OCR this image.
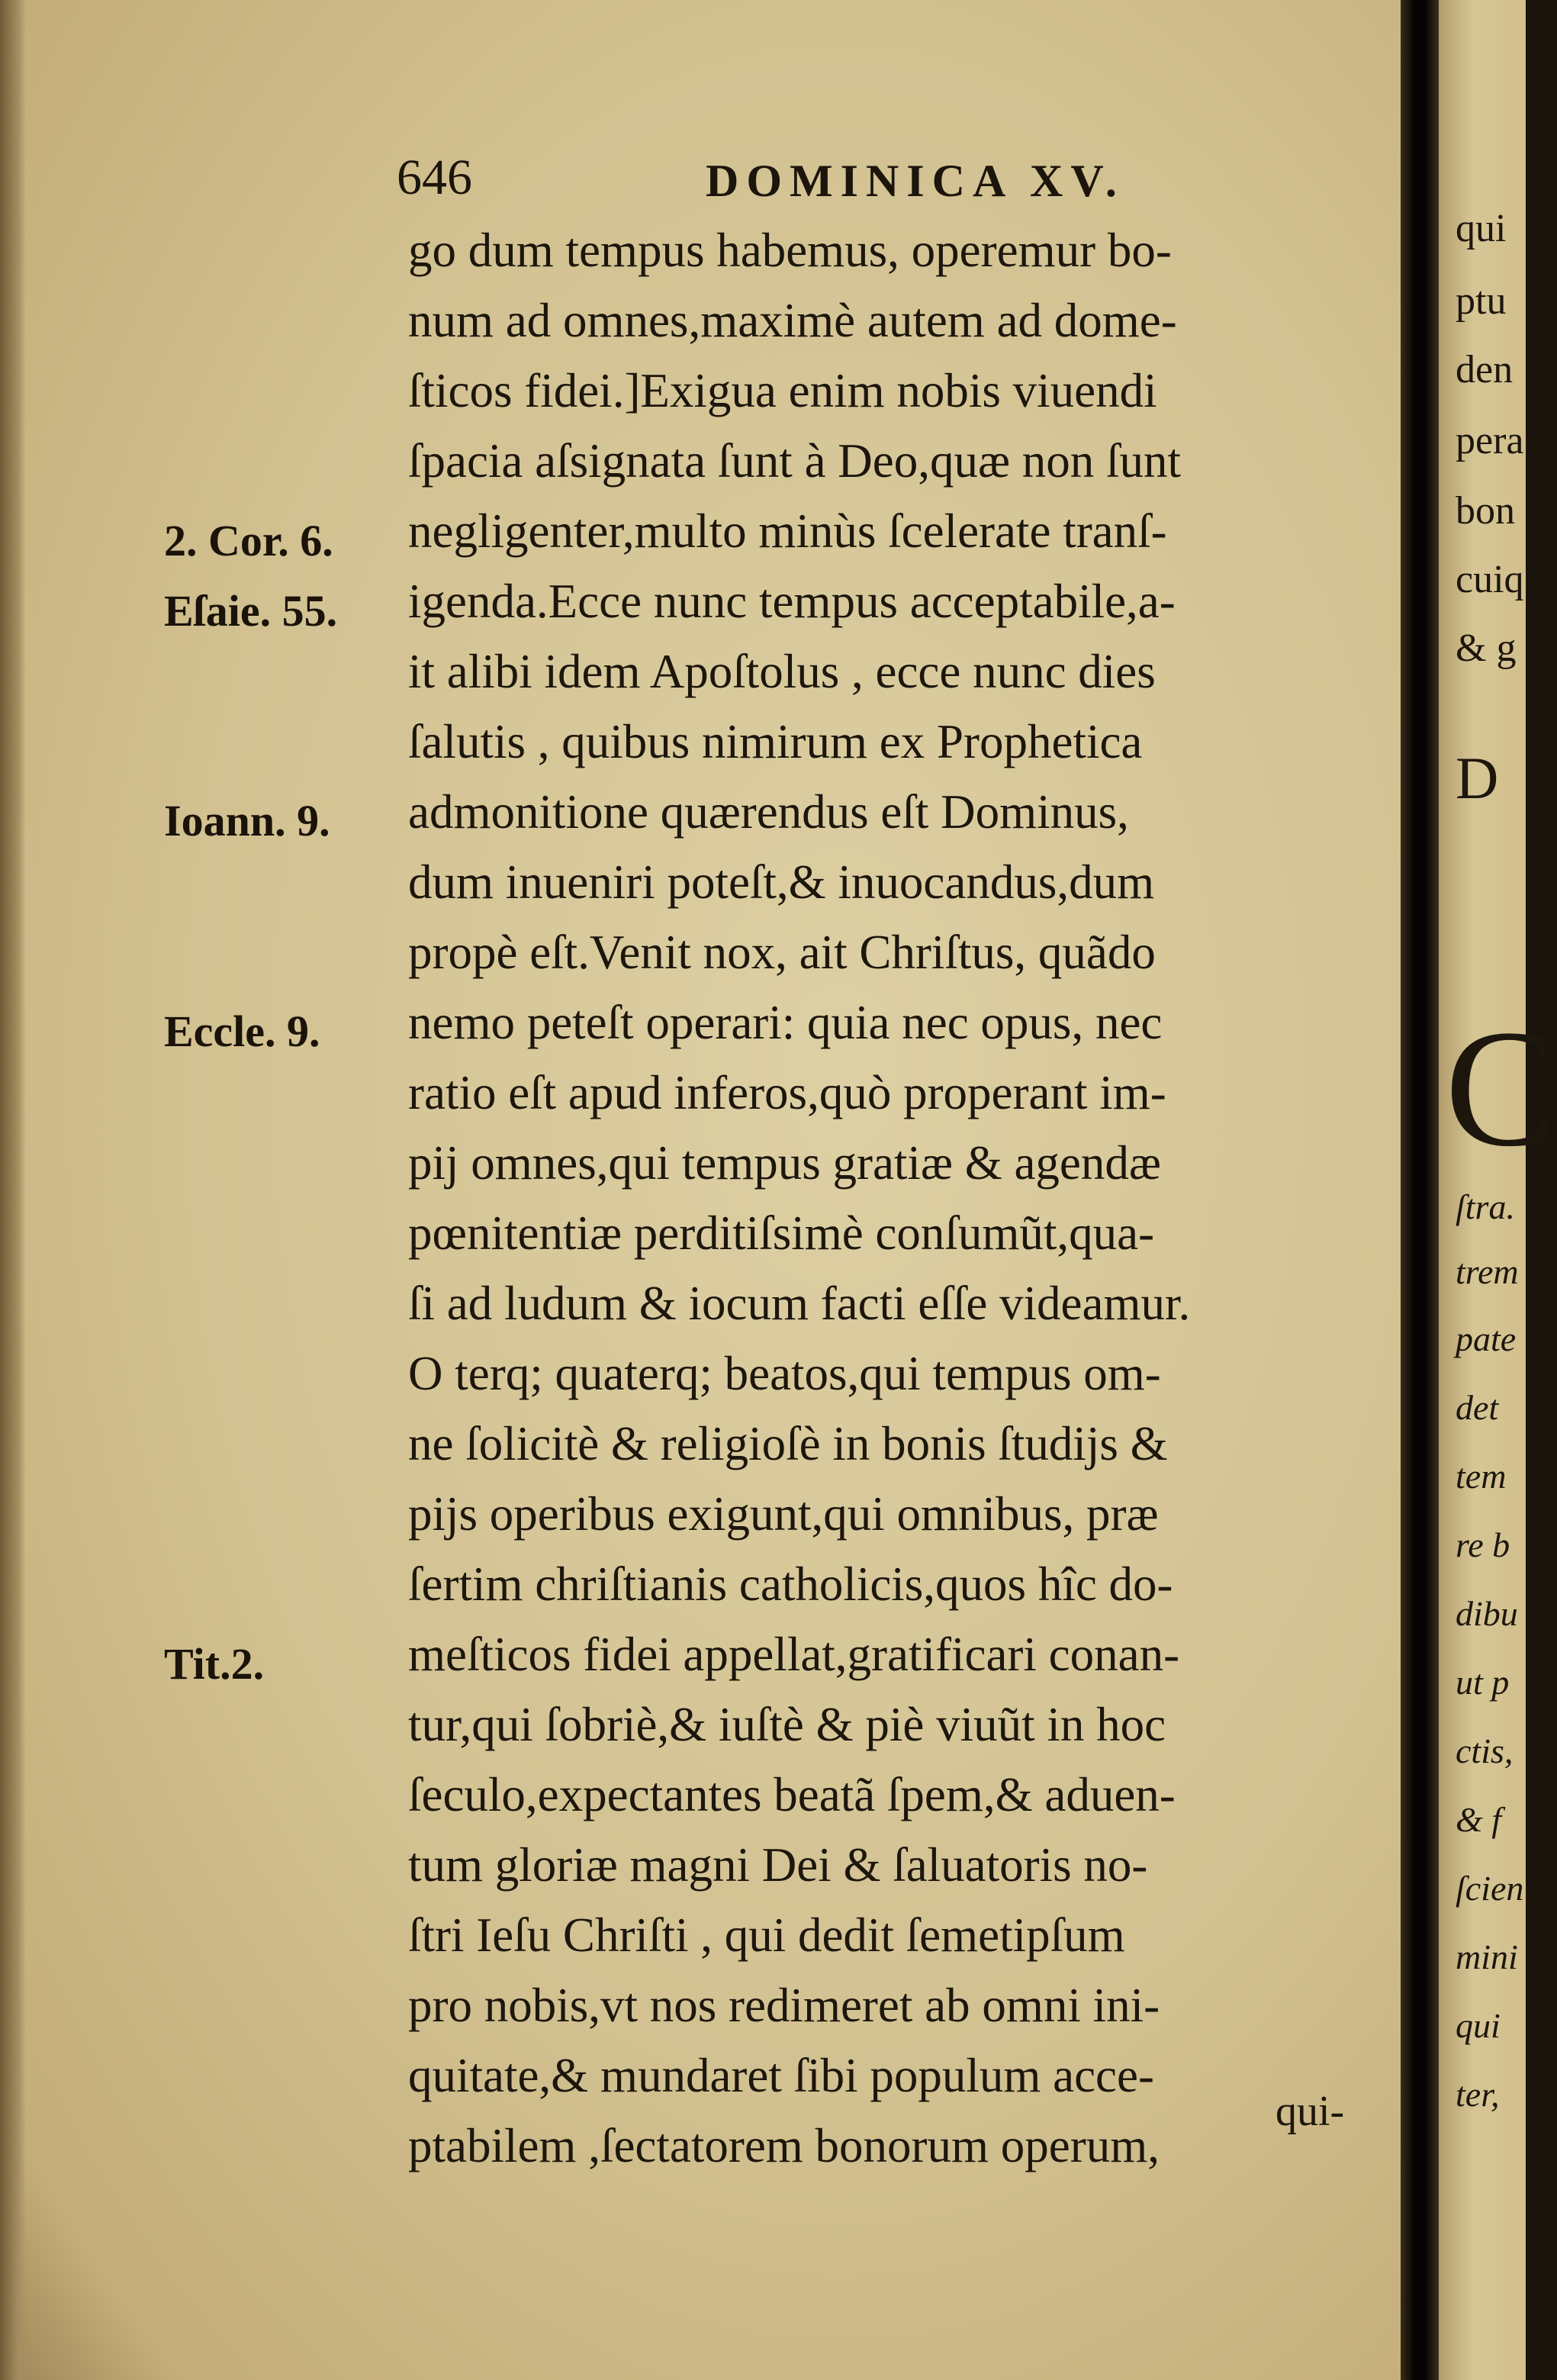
646	DOMINICA XV.
2. Cor. 6.
Eſaie. 55.
Ioann. 9.
Eccle. 9.
Tit.2.
go dum tempus habemus, operemur bo-
num ad omnes,maximè autem ad dome-
ſticos fidei.]Exigua enim nobis viuendi
ſpacia aſsignata ſunt à Deo,quæ non ſunt
negligenter,multo minùs ſcelerate tranſ-
igenda.Ecce nunc tempus acceptabile,a-
it alibi idem Apoſtolus , ecce nunc dies
ſalutis , quibus nimirum ex Prophetica
admonitione quærendus eſt Dominus,
dum inueniri poteſt,& inuocandus,dum
propè eſt.Venit nox, ait Chriſtus, quãdo
nemo peteſt operari: quia nec opus, nec
ratio eſt apud inferos,quò properant im-
pij omnes,qui tempus gratiæ & agendæ
pœnitentiæ perditiſsimè conſumũt,qua-
ſi ad ludum & iocum facti eſſe videamur.
O terq; quaterq; beatos,qui tempus om-
ne ſolicitè & religioſè in bonis ſtudijs &
pijs operibus exigunt,qui omnibus, præ
ſertim chriſtianis catholicis,quos hîc do-
meſticos fidei appellat,gratificari conan-
tur,qui ſobriè,& iuſtè & piè viuũt in hoc
ſeculo,expectantes beatã ſpem,& aduen-
tum gloriæ magni Dei & ſaluatoris no-
ſtri Ieſu Chriſti , qui dedit ſemetipſum
pro nobis,vt nos redimeret ab omni ini-
quitate,& mundaret ſibi populum acce-
ptabilem ,ſectatorem bonorum operum,
qui-
qui
ptu
den
pera
bon
cuiq
& g
D
C
ſtra.
trem
pate
det
tem
re b
dibu
ut p
ctis,
& f
ſcien
mini
qui
ter,
